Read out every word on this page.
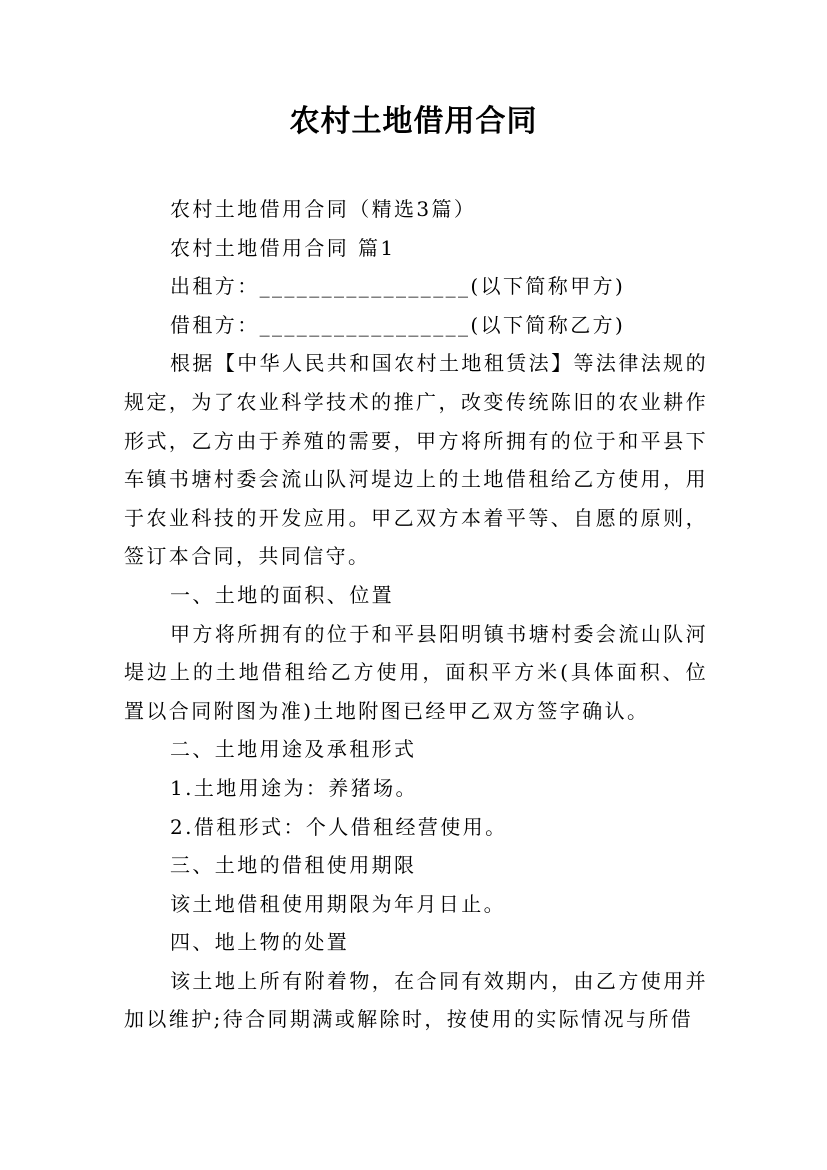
农村土地借用合同

农村土地借用合同（精选3篇）

农村土地借用合同 篇1

出租方：_________________(以下简称甲方)

借租方：_________________(以下简称乙方)

根据【中华人民共和国农村土地租赁法】等法律法规的规定，为了农业科学技术的推广，改变传统陈旧的农业耕作形式，乙方由于养殖的需要，甲方将所拥有的位于和平县下车镇书塘村委会流山队河堤边上的土地借租给乙方使用，用于农业科技的开发应用。甲乙双方本着平等、自愿的原则，签订本合同，共同信守。

一、土地的面积、位置

甲方将所拥有的位于和平县阳明镇书塘村委会流山队河堤边上的土地借租给乙方使用，面积平方米(具体面积、位置以合同附图为准)土地附图已经甲乙双方签字确认。

二、土地用途及承租形式

1.土地用途为：养猪场。

2.借租形式：个人借租经营使用。

三、土地的借租使用期限

该土地借租使用期限为年月日止。

四、地上物的处置

该土地上所有附着物，在合同有效期内，由乙方使用并加以维护;待合同期满或解除时，按使用的实际情况与所借
